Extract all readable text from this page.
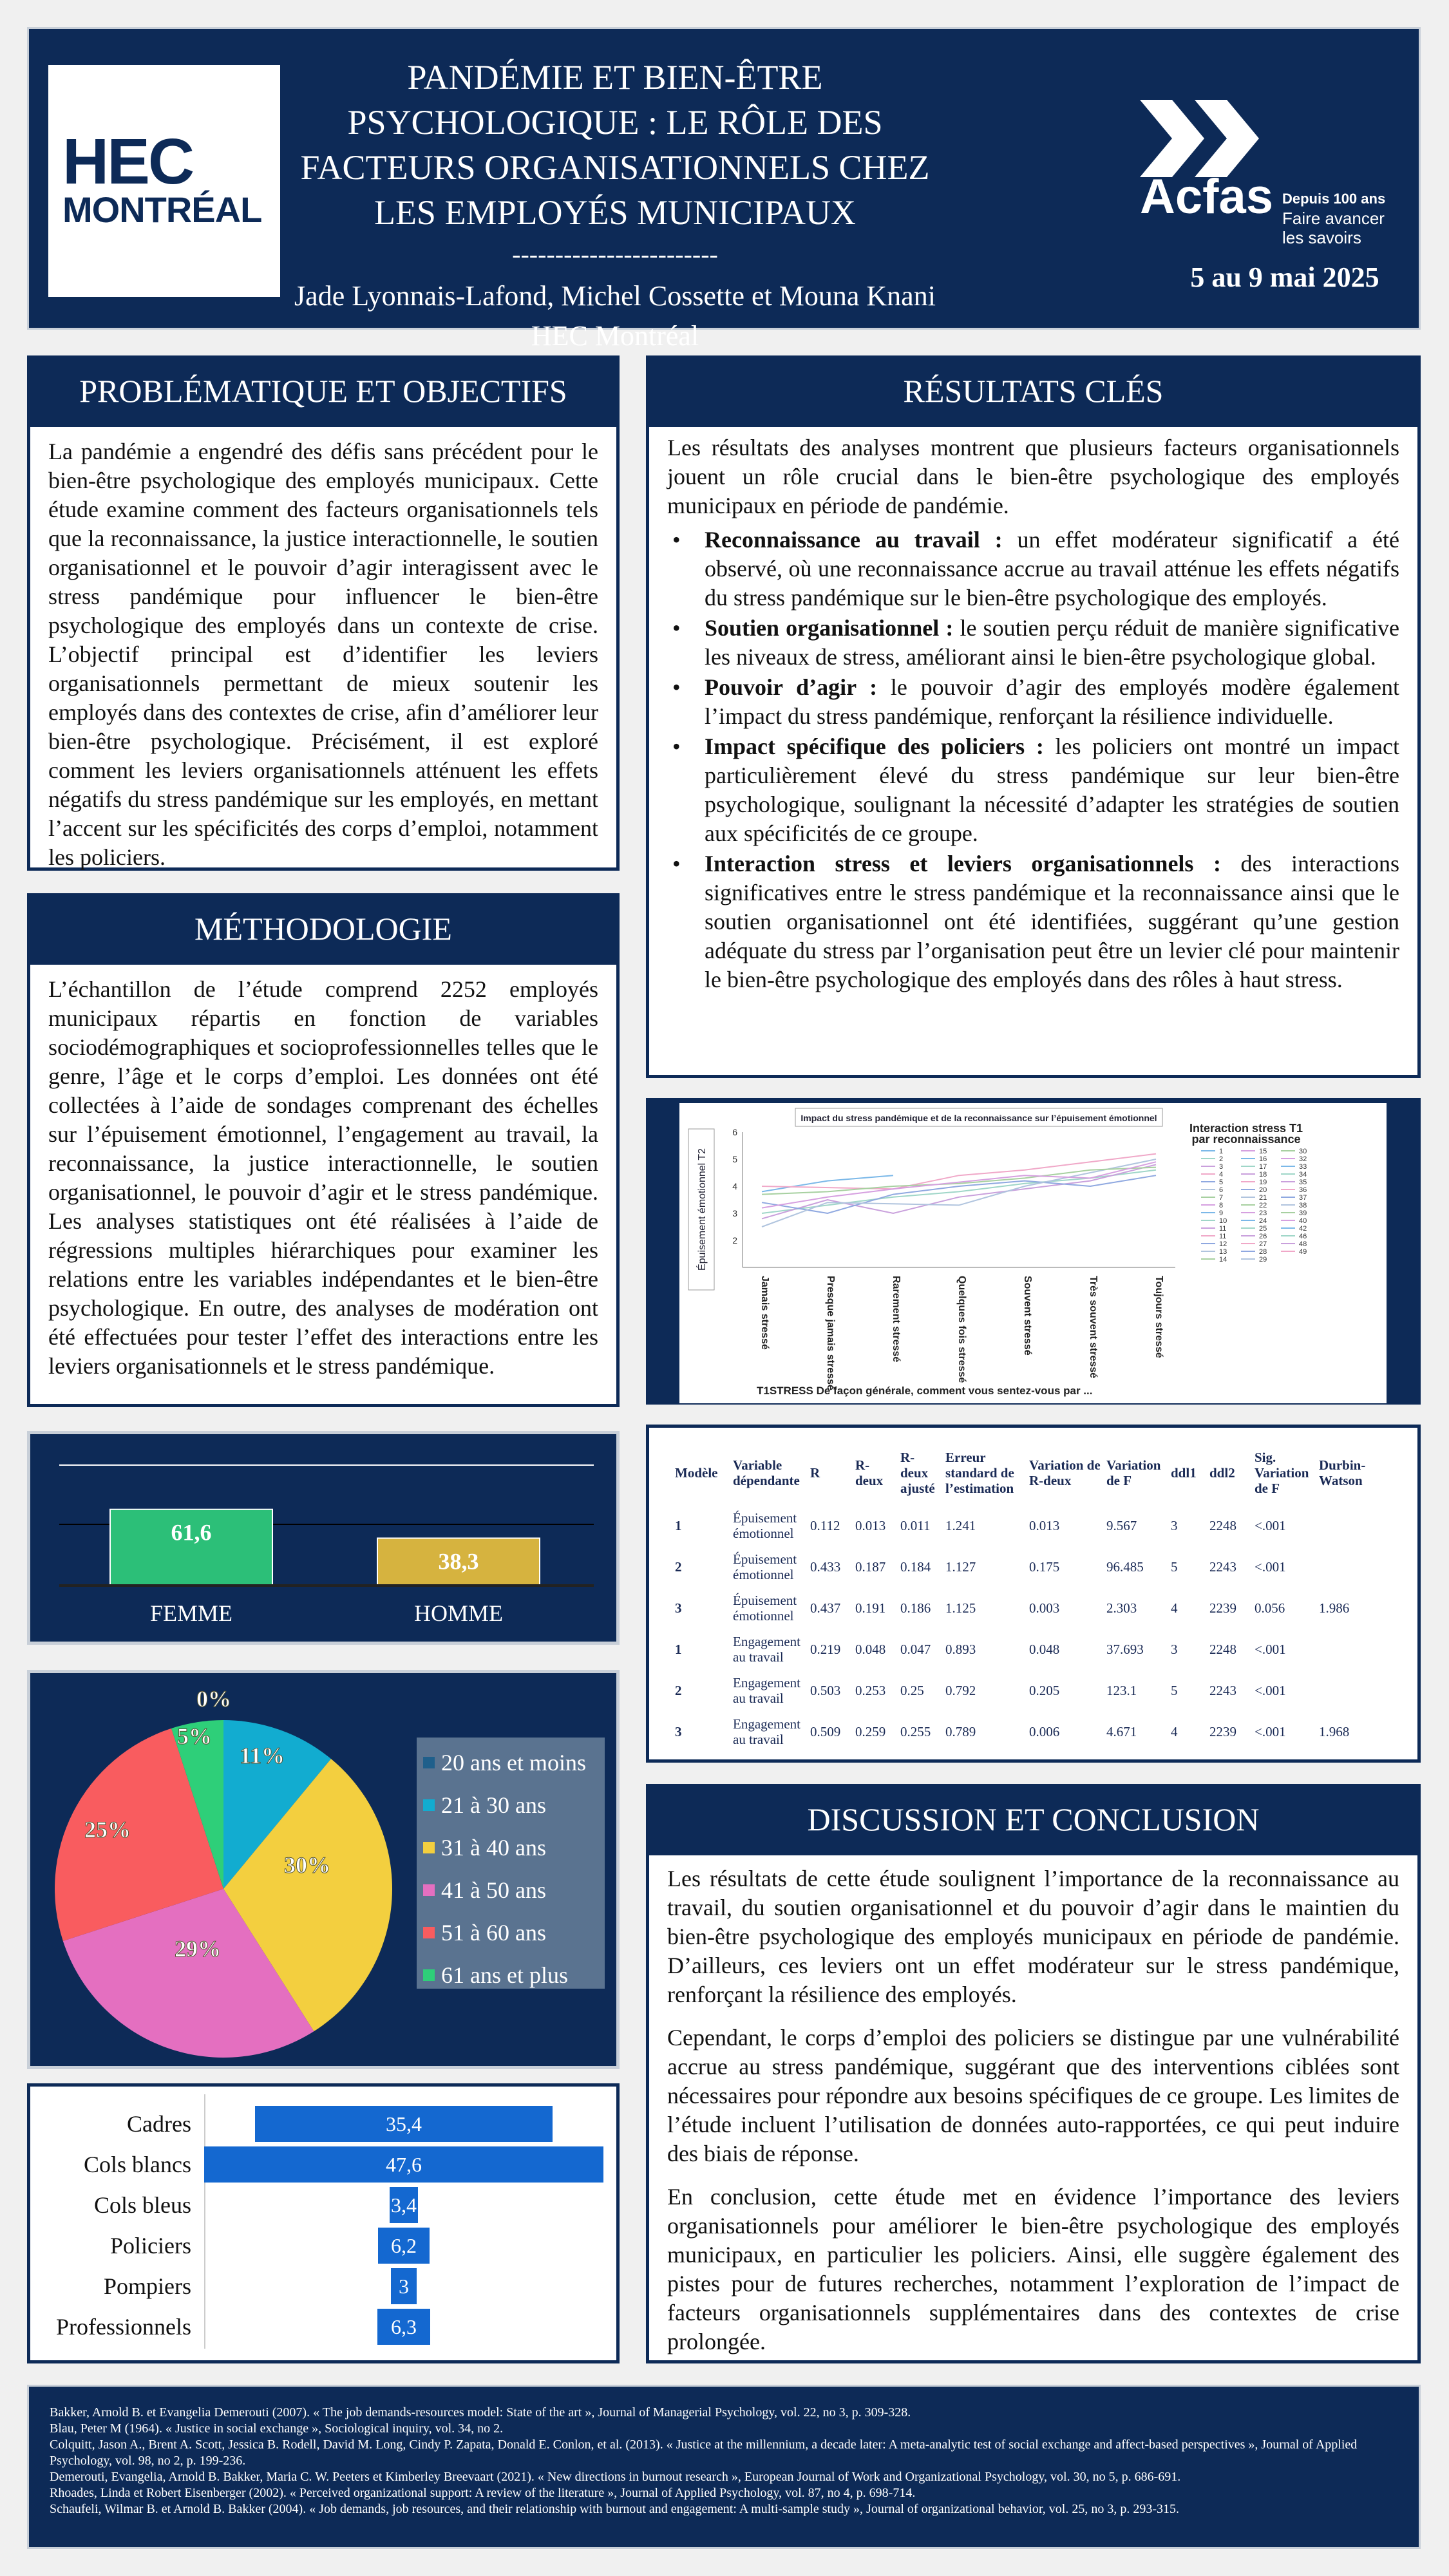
HEC
MONTRÉAL
PANDÉMIE ET BIEN-ÊTRE PSYCHOLOGIQUE : LE RÔLE DES FACTEURS ORGANISATIONNELS CHEZ LES EMPLOYÉS MUNICIPAUX
------------------------
Jade Lyonnais-Lafond, Michel Cossette et Mouna Knani
HEC Montréal
Acfas Depuis 100 ans
Faire avancer les savoirs
5 au 9 mai 2025
PROBLÉMATIQUE ET OBJECTIFS
La pandémie a engendré des défis sans précédent pour le bien-être psychologique des employés municipaux. Cette étude examine comment des facteurs organisationnels tels que la reconnaissance, la justice interactionnelle, le soutien organisationnel et le pouvoir d’agir interagissent avec le stress pandémique pour influencer le bien-être psychologique des employés dans un contexte de crise. L’objectif principal est d’identifier les leviers organisationnels permettant de mieux soutenir les employés dans des contextes de crise, afin d’améliorer leur bien-être psychologique. Précisément, il est exploré comment les leviers organisationnels atténuent les effets négatifs du stress pandémique sur les employés, en mettant l’accent sur les spécificités des corps d’emploi, notamment les policiers.
MÉTHODOLOGIE
L’échantillon de l’étude comprend 2252 employés municipaux répartis en fonction de variables sociodémographiques et socioprofessionnelles telles que le genre, l’âge et le corps d’emploi. Les données ont été collectées à l’aide de sondages comprenant des échelles sur l’épuisement émotionnel, l’engagement au travail, la reconnaissance, la justice interactionnelle, le soutien organisationnel, le pouvoir d’agir et le stress pandémique. Les analyses statistiques ont été réalisées à l’aide de régressions multiples hiérarchiques pour examiner les relations entre les variables indépendantes et le bien-être psychologique. En outre, des analyses de modération ont été effectuées pour tester l’effet des interactions entre les leviers organisationnels et le stress pandémique.
61,6
FEMME
38,3
HOMME
0%
11%
30%
29%
25%
5%
20 ans et moins
21 à 30 ans
31 à 40 ans
41 à 50 ans
51 à 60 ans
61 ans et plus
Cadres	35,4
Cols blancs	47,6
Cols bleus	3,4
Policiers	6,2
Pompiers	3
Professionnels	6,3
RÉSULTATS CLÉS
Les résultats des analyses montrent que plusieurs facteurs organisationnels jouent un rôle crucial dans le bien-être psychologique des employés municipaux en période de pandémie.
• Reconnaissance au travail : un effet modérateur significatif a été observé, où une reconnaissance accrue au travail atténue les effets négatifs du stress pandémique sur le bien-être psychologique des employés.
• Soutien organisationnel : le soutien perçu réduit de manière significative les niveaux de stress, améliorant ainsi le bien-être psychologique global.
• Pouvoir d’agir : le pouvoir d’agir des employés modère également l’impact du stress pandémique, renforçant la résilience individuelle.
• Impact spécifique des policiers : les policiers ont montré un impact particulièrement élevé du stress pandémique sur leur bien-être psychologique, soulignant la nécessité d’adapter les stratégies de soutien aux spécificités de ce groupe.
• Interaction stress et leviers organisationnels : des interactions significatives entre le stress pandémique et la reconnaissance ainsi que le soutien organisationnel ont été identifiées, suggérant qu’une gestion adéquate du stress par l’organisation peut être un levier clé pour maintenir le bien-être psychologique des employés dans des rôles à haut stress.
Impact du stress pandémique et de la reconnaissance sur l’épuisement émotionnel
Épuisement émotionnel T2	2
3
4
5
6
Jamais stressé	Presque jamais stressé	Rarement stressé	Quelques fois stressé	Souvent stressé	Très souvent stressé	Toujours stressé
Interaction stress T1
par reconnaissance
1
2
3
4
5
6
7
8
9
10
11
11
12
13
14
15
16
17
18
19
20
21
22
23
24
25
26
27
28
29
30
32
33
34
35
36
37
38
39
40
42
46
48
49
T1STRESS De façon générale, comment vous sentez-vous par ...
Modèle	Variable dépendante	R	R-deux	R-deux ajusté	Erreur standard de l’estimation	Variation de R-deux	Variation de F	ddl1	ddl2	Sig. Variation de F	Durbin-Watson
1	Épuisement émotionnel	0.112	0.013	0.011	1.241	0.013	9.567	3	2248	<.001	
2	Épuisement émotionnel	0.433	0.187	0.184	1.127	0.175	96.485	5	2243	<.001	
3	Épuisement émotionnel	0.437	0.191	0.186	1.125	0.003	2.303	4	2239	0.056	1.986
1	Engagement au travail	0.219	0.048	0.047	0.893	0.048	37.693	3	2248	<.001	
2	Engagement au travail	0.503	0.253	0.25	0.792	0.205	123.1	5	2243	<.001	
3	Engagement au travail	0.509	0.259	0.255	0.789	0.006	4.671	4	2239	<.001	1.968
DISCUSSION ET CONCLUSION

Les résultats de cette étude soulignent l’importance de la reconnaissance au travail, du soutien organisationnel et du pouvoir d’agir dans le maintien du bien-être psychologique des employés municipaux en période de pandémie. D’ailleurs, ces leviers ont un effet modérateur sur le stress pandémique, renforçant la résilience des employés.

Cependant, le corps d’emploi des policiers se distingue par une vulnérabilité accrue au stress pandémique, suggérant que des interventions ciblées sont nécessaires pour répondre aux besoins spécifiques de ce groupe. Les limites de l’étude incluent l’utilisation de données auto-rapportées, ce qui peut induire des biais de réponse.

En conclusion, cette étude met en évidence l’importance des leviers organisationnels pour améliorer le bien-être psychologique des employés municipaux, en particulier les policiers. Ainsi, elle suggère également des pistes pour de futures recherches, notamment l’exploration de l’impact de facteurs organisationnels supplémentaires dans des contextes de crise prolongée.

Bakker, Arnold B. et Evangelia Demerouti (2007). « The job demands-resources model: State of the art », Journal of Managerial Psychology, vol. 22, no 3, p. 309-328.
Blau, Peter M (1964). « Justice in social exchange », Sociological inquiry, vol. 34, no 2.
Colquitt, Jason A., Brent A. Scott, Jessica B. Rodell, David M. Long, Cindy P. Zapata, Donald E. Conlon, et al. (2013). « Justice at the millennium, a decade later: A meta-analytic test of social exchange and affect-based perspectives », Journal of Applied Psychology, vol. 98, no 2, p. 199-236.
Demerouti, Evangelia, Arnold B. Bakker, Maria C. W. Peeters et Kimberley Breevaart (2021). « New directions in burnout research », European Journal of Work and Organizational Psychology, vol. 30, no 5, p. 686-691.
Rhoades, Linda et Robert Eisenberger (2002). « Perceived organizational support: A review of the literature », Journal of Applied Psychology, vol. 87, no 4, p. 698-714.
Schaufeli, Wilmar B. et Arnold B. Bakker (2004). « Job demands, job resources, and their relationship with burnout and engagement: A multi-sample study », Journal of organizational behavior, vol. 25, no 3, p. 293-315.
